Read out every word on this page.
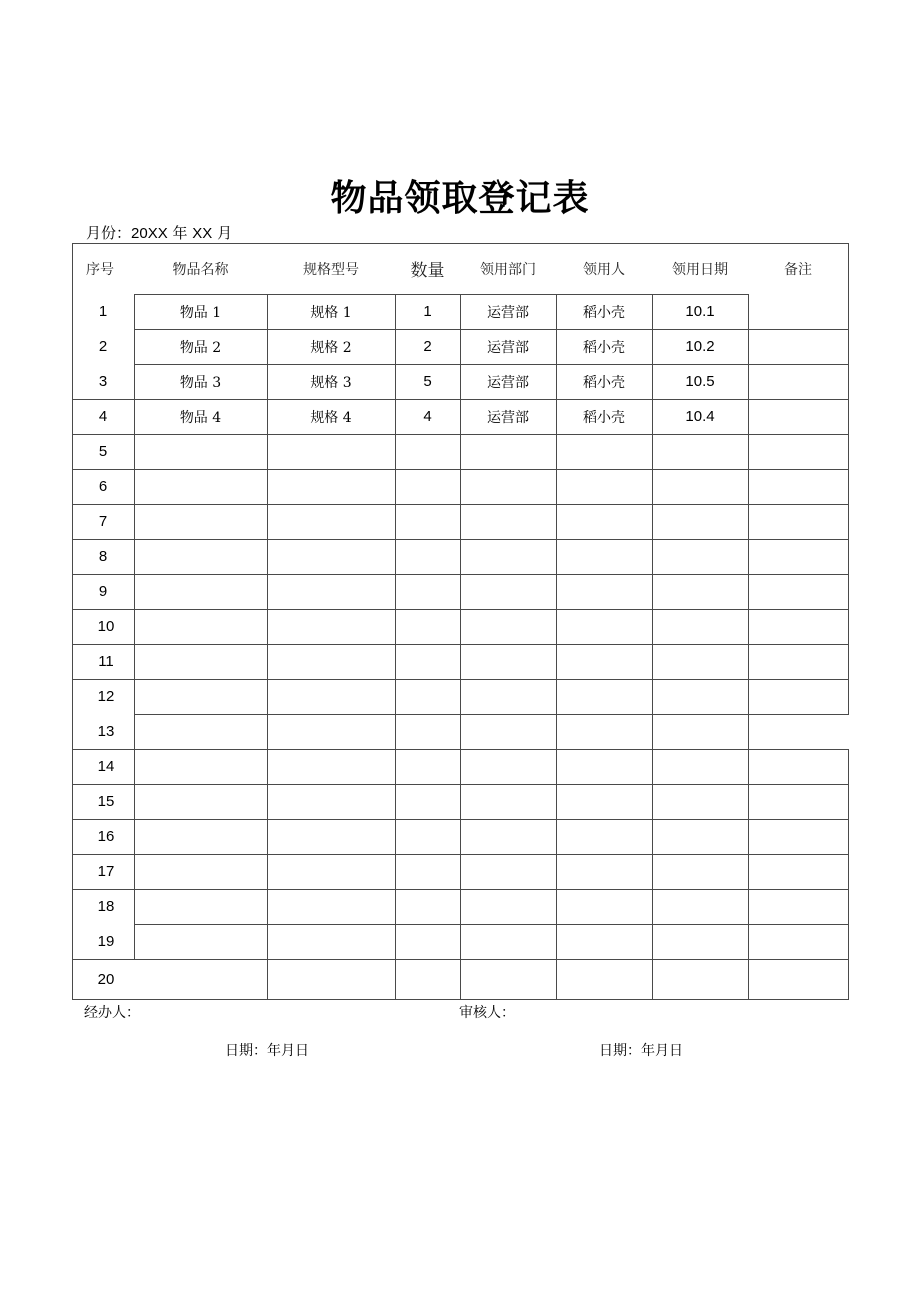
物品领取登记表
月份：20XX 年 XX 月
序号	物品名称	规格型号	数量	领用部门	领用人	领用日期	备注
1	物品 1	规格 1	1	运营部	稻小壳	10.1
2	物品 2	规格 2	2	运营部	稻小壳	10.2
3	物品 3	规格 3	5	运营部	稻小壳	10.5
4	物品 4	规格 4	4	运营部	稻小壳	10.4
5
6
7
8
9
10
11
12
13
14
15
16
17
18
19
20
经办人：	审核人：
日期：年月日	日期：年月日
